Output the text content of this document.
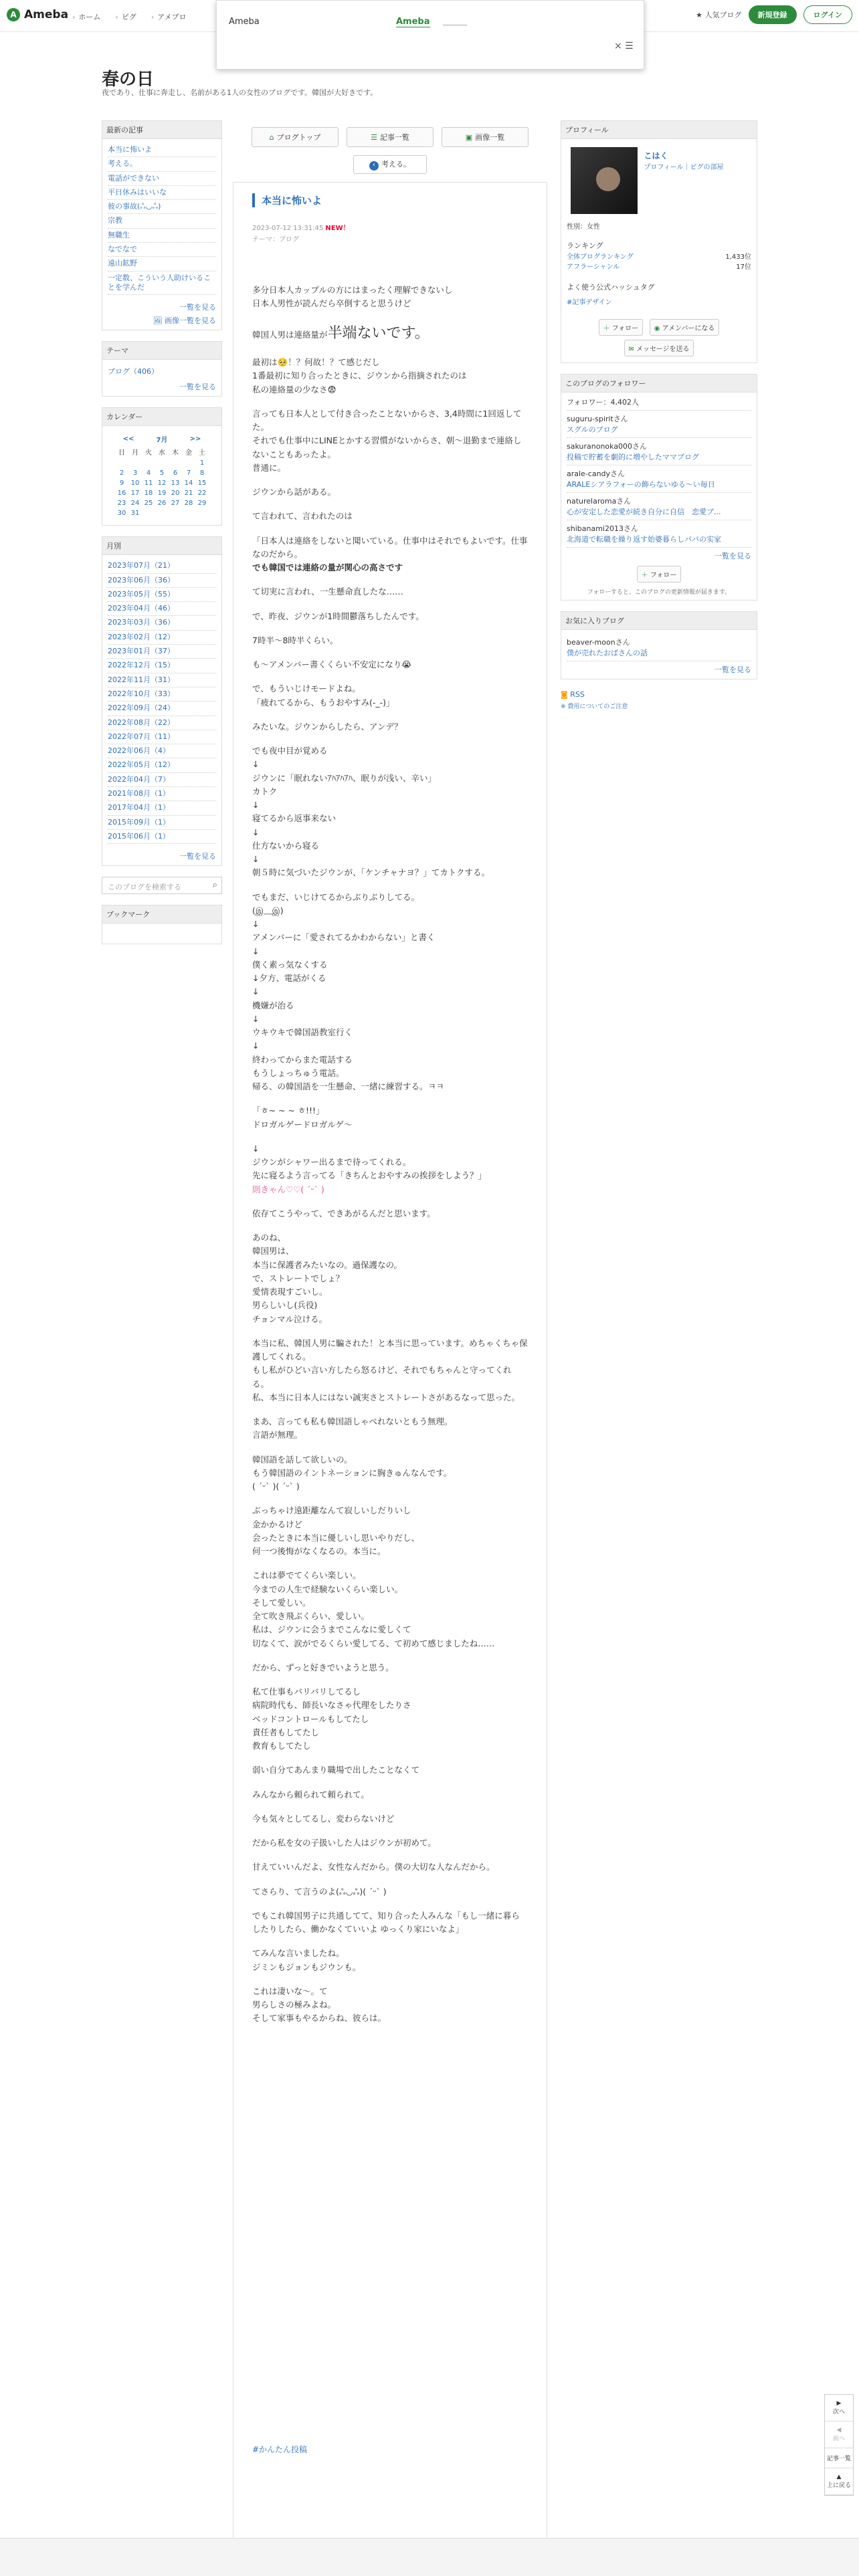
A Ameba	› ホーム	› ピグ	› アメブロ	★ 人気ブログ	新規登録	ログイン
Ameba	Ameba
× ☰
春の日
夜であり、仕事に奔走し、名前がある1人の女性のブログです。韓国が大好きです。
最新の記事
本当に怖いよ
考える。
電話ができない
平日休みはいいな
彼の事故(ஃ◡ஃ)
宗教
無職生
なでなで
遠山鉱野
一定数、こういう人助けいることを学んだ
一覧を見る
🖼 画像一覧を見る
テーマ
ブログ（406）
一覧を見る
カレンダー
<<		7月			>>	
日	月	火	水	木	金	土
						1
2	3	4	5	6	7	8
9	10	11	12	13	14	15
16	17	18	19	20	21	22
23	24	25	26	27	28	29
30	31					
月別
2023年07月（21）
2023年06月（36）
2023年05月（55）
2023年04月（46）
2023年03月（36）
2023年02月（12）
2023年01月（37）
2022年12月（15）
2022年11月（31）
2022年10月（33）
2022年09月（24）
2022年08月（22）
2022年07月（11）
2022年06月（4）
2022年05月（12）
2022年04月（7）
2021年08月（1）
2017年04月（1）
2015年09月（1）
2015年06月（1）
一覧を見る
このブログを検索する	⌕
ブックマーク
⌂ ブログトップ	☰ 記事一覧	▣ 画像一覧
‹ 考える。
本当に怖いよ
2023-07-12 13:31:45 NEW！
テーマ：ブログ

多分日本人カップルの方にはまったく理解できないし
日本人男性が読んだら卒倒すると思うけど

韓国人男は連絡量が半端ないです。

最初は🥺！？何故！？て感じだし
1番最初に知り合ったときに、ジウンから指摘されたのは
私の連絡量の少なさ😨

言っても日本人として付き合ったことないからさ、3,4時間に1回返してた。
それでも仕事中にLINEとかする習慣がないからさ、朝〜退勤まで連絡しないこともあったよ。
普通に。

ジウンから話がある。

て言われて、言われたのは

「日本人は連絡をしないと聞いている。仕事中はそれでもよいです。仕事なのだから。
でも韓国では連絡の量が関心の高さです

て切実に言われ、一生懸命直したな……

で、昨夜、ジウンが1時間鬱落ちしたんです。

7時半〜8時半くらい。

も〜アメンバー書くくらい不安定になり😭

で、もういじけモードよね。
「疲れてるから、もうおやすみ(-_-)」

みたいな。ジウンからしたら、アンデ？

でも夜中目が覚める
↓
ジウンに「眠れないｱﾊｱﾊｱﾊ、眠りが浅い、辛い」
カトク
↓
寝てるから返事来ない
↓
仕方ないから寝る
↓
朝５時に気づいたジウンが、「ケンチャナヨ？」てカトクする。

でもまだ、いじけてるからぶりぶりしてる。
(இ﹏இ)
↓
アメンバーに「愛されてるかわからない」と書く
↓
僕く素っ気なくする
↓夕方、電話がくる
↓
機嫌が治る
↓
ウキウキで韓国語教室行く
↓
終わってからまた電話する
もうしょっちゅう電話。
帰る、の韓国語を一生懸命、一緒に練習する。ㅋㅋ

「ㅎ~ ~ ~ ㅎ!!!」
ドロガルゲードロガルゲ〜

↓
ジウンがシャワー出るまで待ってくれる。
先に寝るよう言ってる「きちんとおやすみの挨拶をしよう？」
則きゃん♡♡( ˊᵕˋ )

依存てこうやって、できあがるんだと思います。

あのね、
韓国男は、
本当に保護者みたいなの。過保護なの。
で、ストレートでしょ？
愛情表現すごいし。
男らしいし(兵役)
チョンマル泣ける。

本当に私、韓国人男に騙された！と本当に思っています。めちゃくちゃ保護してくれる。
もし私がひどい言い方したら怒るけど、それでもちゃんと守ってくれる。
私、本当に日本人にはない誠実さとストレートさがあるなって思った。

まあ、言っても私も韓国語しゃべれないともう無理。
言語が無理。

韓国語を話して欲しいの。
もう韓国語のイントネーションに胸きゅんなんです。
( ˊᵕˋ )( ˊᵕˋ )

ぶっちゃけ遠距離なんて寂しいしだりいし
金かかるけど
会ったときに本当に優しいし思いやりだし、
何一つ後悔がなくなるの。本当に。

これは夢でてくらい楽しい。
今までの人生で経験ないくらい楽しい。
そして愛しい。
全て吹き飛ぶくらい、愛しい。
私は、ジウンに会うまでこんなに愛しくて
切なくて、涙がでるくらい愛してる、て初めて感じましたね……

だから、ずっと好きでいようと思う。

私て仕事もバリバリしてるし
病院時代も、師長いなさゃ代理をしたりさ
ベッドコントロールもしてたし
責任者もしてたし
教育もしてたし

弱い自分てあんまり職場で出したことなくて

みんなから頼られて頼られて。

今も気々としてるし、変わらないけど

だから私を女の子扱いした人はジウンが初めて。

甘えていいんだよ、女性なんだから。僕の大切な人なんだから。

てさらり、て言うのよ(ஃ◡ஃ)( ˊᵕˋ )

でもこれ韓国男子に共通してて、知り合った人みんな「もし一緒に暮らしたりしたら、働かなくていいよ ゆっくり家にいなよ」

てみんな言いましたね。
ジミンもジョンもジウンも。

これは凄いな〜。て
男らしさの極みよね。
そして家事もやるからね、彼らは。

#かんたん投稿
プロフィール

こはく
プロフィール｜ピグの部屋
性別：女性
ランキング
全体ブログランキング	1,433位
アフラーシャンル	17位
よく使う公式ハッシュタグ
#記事デザイン
＋ フォロー ◉ アメンバーになる ✉ メッセージを送る
このブログのフォロワー
フォロワー：4,402人
suguru-spiritさん
スグルのブログ
sakuranonoka000さん
投稿で貯蓄を劇的に増やしたママブログ
arale-candyさん
ARALEシアラフォーの飾らないゆる〜い毎日
naturelaromaさん
心が安定した恋愛が続き自分に自信　恋愛ブ...
shibanami2013さん
北海道で転職を繰り返す始婆暮らしパパの实家
一覧を見る
＋ フォロー
フォローすると、このブログの更新情報が届きます。
お気に入りブログ
beaver-moonさん
僕が売れたおばさんの話
一覧を見る
◙ RSS
※ 費用についてのご注意
▶
次へ
◀
前へ
記事一覧
▲
上に戻る
